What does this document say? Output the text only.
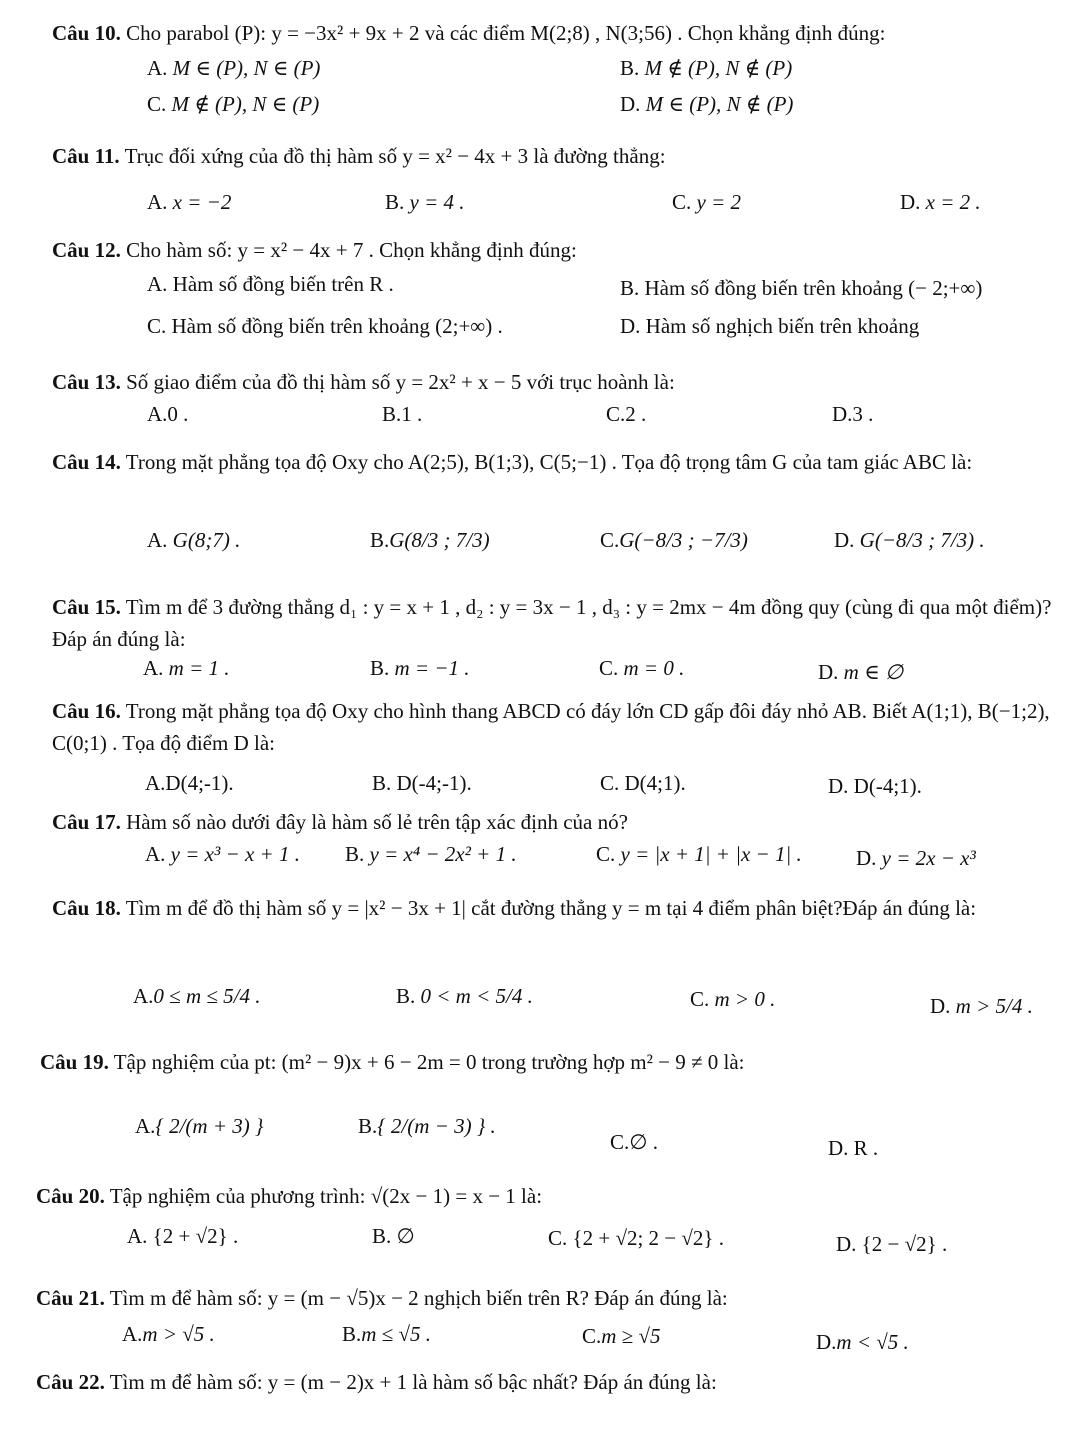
Câu 10. Cho parabol (P): y = −3x² + 9x + 2 và các điểm M(2;8) , N(3;56) . Chọn khẳng định đúng:
A. M ∈ (P), N ∈ (P)	B. M ∉ (P), N ∉ (P)
C. M ∉ (P), N ∈ (P)	D. M ∈ (P), N ∉ (P)
Câu 11. Trục đối xứng của đồ thị hàm số y = x² − 4x + 3 là đường thẳng:
A. x = −2	B. y = 4 .	C. y = 2	D. x = 2 .
Câu 12. Cho hàm số: y = x² − 4x + 7 . Chọn khẳng định đúng:
A. Hàm số đồng biến trên R .	B. Hàm số đồng biến trên khoảng (− 2;+∞)
C. Hàm số đồng biến trên khoảng (2;+∞) .	D. Hàm số nghịch biến trên khoảng
Câu 13. Số giao điểm của đồ thị hàm số y = 2x² + x − 5 với trục hoành là:
A.0 .	B.1 .	C.2 .	D.3 .
Câu 14. Trong mặt phẳng tọa độ Oxy cho A(2;5), B(1;3), C(5;−1) . Tọa độ trọng tâm G của tam giác ABC là:
A. G(8;7) .	B.G(8/3 ; 7/3)	C.G(−8/3 ; −7/3)	D. G(−8/3 ; 7/3) .
Câu 15. Tìm m để 3 đường thẳng d₁ : y = x + 1 , d₂ : y = 3x − 1 , d₃ : y = 2mx − 4m đồng quy (cùng đi qua một điểm)? Đáp án đúng là:
A. m = 1 .	B. m = −1 .	C. m = 0 .	D. m ∈ ∅
Câu 16. Trong mặt phẳng tọa độ Oxy cho hình thang ABCD có đáy lớn CD gấp đôi đáy nhỏ AB. Biết A(1;1), B(−1;2), C(0;1) . Tọa độ điểm D là:
A.D(4;-1).	B. D(-4;-1).	C. D(4;1).	D. D(-4;1).
Câu 17. Hàm số nào dưới đây là hàm số lẻ trên tập xác định của nó?
A. y = x³ − x + 1 . B. y = x⁴ − 2x² + 1 .	C. y = |x + 1| + |x − 1| .	D. y = 2x − x³
Câu 18. Tìm m để đồ thị hàm số y = |x² − 3x + 1| cắt đường thẳng y = m tại 4 điểm phân biệt?Đáp án đúng là:
A.0 ≤ m ≤ 5/4 .	B. 0 < m < 5/4 .	C. m > 0 .	D. m > 5/4 .
Câu 19. Tập nghiệm của pt: (m² − 9)x + 6 − 2m = 0 trong trường hợp m² − 9 ≠ 0 là:
A.{ 2/(m + 3) }	B.{ 2/(m − 3) } .
C.∅ .	D. R .
Câu 20. Tập nghiệm của phương trình: √(2x − 1) = x − 1 là:
A. {2 + √2} .	B. ∅	C. {2 + √2; 2 − √2} .	D. {2 − √2} .
Câu 21. Tìm m để hàm số: y = (m − √5)x − 2 nghịch biến trên R? Đáp án đúng là:
A.m > √5 .	B.m ≤ √5 .	C.m ≥ √5	D.m < √5 .
Câu 22. Tìm m để hàm số: y = (m − 2)x + 1 là hàm số bậc nhất? Đáp án đúng là:
